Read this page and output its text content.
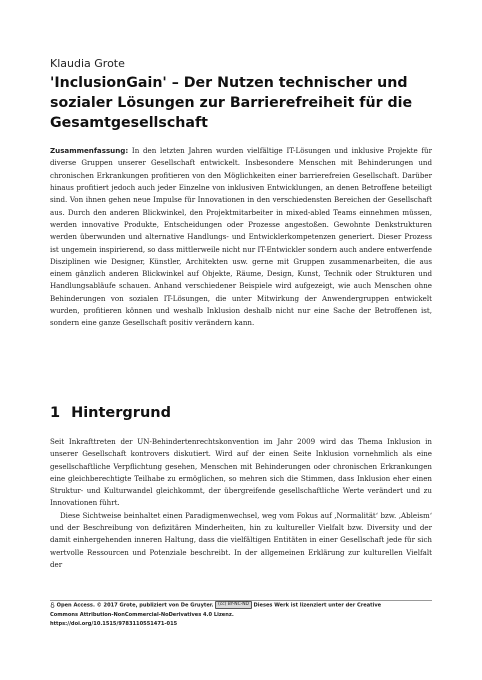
Klaudia Grote
'InclusionGain' – Der Nutzen technischer und sozialer Lösungen zur Barrierefreiheit für die Gesamtgesellschaft

Zusammenfassung: In den letzten Jahren wurden vielfältige IT-Lösungen und inklusive Projekte für diverse Gruppen unserer Gesellschaft entwickelt. Insbesondere Menschen mit Behinderungen und chronischen Erkrankungen profitieren von den Möglichkeiten einer barrierefreien Gesellschaft. Darüber hinaus profitiert jedoch auch jeder Einzelne von inklusiven Entwicklungen, an denen Betroffene beteiligt sind. Von ihnen gehen neue Impulse für Innovationen in den verschiedensten Bereichen der Gesellschaft aus. Durch den anderen Blickwinkel, den Projektmitarbeiter in mixed-abled Teams einnehmen müssen, werden innovative Produkte, Entscheidungen oder Prozesse angestoßen. Gewohnte Denkstrukturen werden überwunden und alternative Handlungs- und Entwicklerkompetenzen generiert. Dieser Prozess ist ungemein inspirierend, so dass mittlerweile nicht nur IT-Entwickler sondern auch andere entwerfende Disziplinen wie Designer, Künstler, Architekten usw. gerne mit Gruppen zusammenarbeiten, die aus einem gänzlich anderen Blickwinkel auf Objekte, Räume, Design, Kunst, Technik oder Strukturen und Handlungsabläufe schauen. Anhand verschiedener Beispiele wird aufgezeigt, wie auch Menschen ohne Behinderungen von sozialen IT-Lösungen, die unter Mitwirkung der Anwendergruppen entwickelt wurden, profitieren können und weshalb Inklusion deshalb nicht nur eine Sache der Betroffenen ist, sondern eine ganze Gesellschaft positiv verändern kann.

1 Hintergrund

Seit Inkrafttreten der UN-Behindertenrechtskonvention im Jahr 2009 wird das Thema Inklusion in unserer Gesellschaft kontrovers diskutiert. Wird auf der einen Seite Inklusion vornehmlich als eine gesellschaftliche Verpflichtung gesehen, Menschen mit Behinderungen oder chronischen Erkrankungen eine gleichberechtigte Teilhabe zu ermöglichen, so mehren sich die Stimmen, dass Inklusion eher einen Struktur- und Kulturwandel gleichkommt, der übergreifende gesellschaftliche Werte verändert und zu Innovationen führt.

Diese Sichtweise beinhaltet einen Paradigmenwechsel, weg vom Fokus auf ‚Normalität‘ bzw. ‚Ableism‘ und der Beschreibung von defizitären Minderheiten, hin zu kultureller Vielfalt bzw. Diversity und der damit einhergehenden inneren Haltung, dass die vielfältigen Entitäten in einer Gesellschaft jede für sich wertvolle Ressourcen und Potenziale beschreibt. In der allgemeinen Erklärung zur kulturellen Vielfalt der

Open Access. © 2017 Grote, publiziert von De Gruyter. (cc) BY-NC-ND Dieses Werk ist lizenziert unter der Creative
Commons Attribution-NonCommercial-NoDerivatives 4.0 Lizenz.
https://doi.org/10.1515/9783110551471-015
